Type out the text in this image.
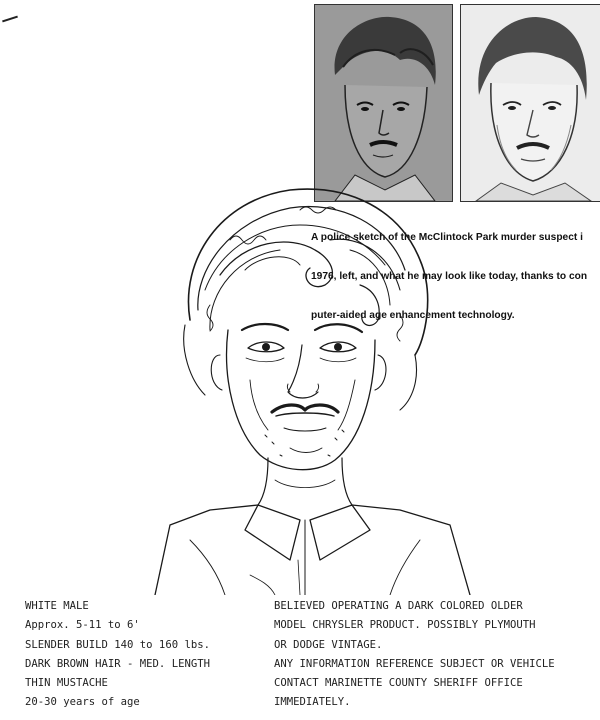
A police sketch of the McClintock Park murder suspect i

1976, left, and what he may look like today, thanks to con

puter-aided age enhancement technology.

WHITE MALE
Approx. 5-11 to 6'
SLENDER BUILD 140 to 160 lbs.
DARK BROWN HAIR - MED. LENGTH
THIN MUSTACHE
20-30 years of age
BELIEVED OPERATING A DARK COLORED OLDER
MODEL CHRYSLER PRODUCT. POSSIBLY PLYMOUTH
OR DODGE VINTAGE.
ANY INFORMATION REFERENCE SUBJECT OR VEHICLE
CONTACT MARINETTE COUNTY SHERIFF OFFICE
IMMEDIATELY.
